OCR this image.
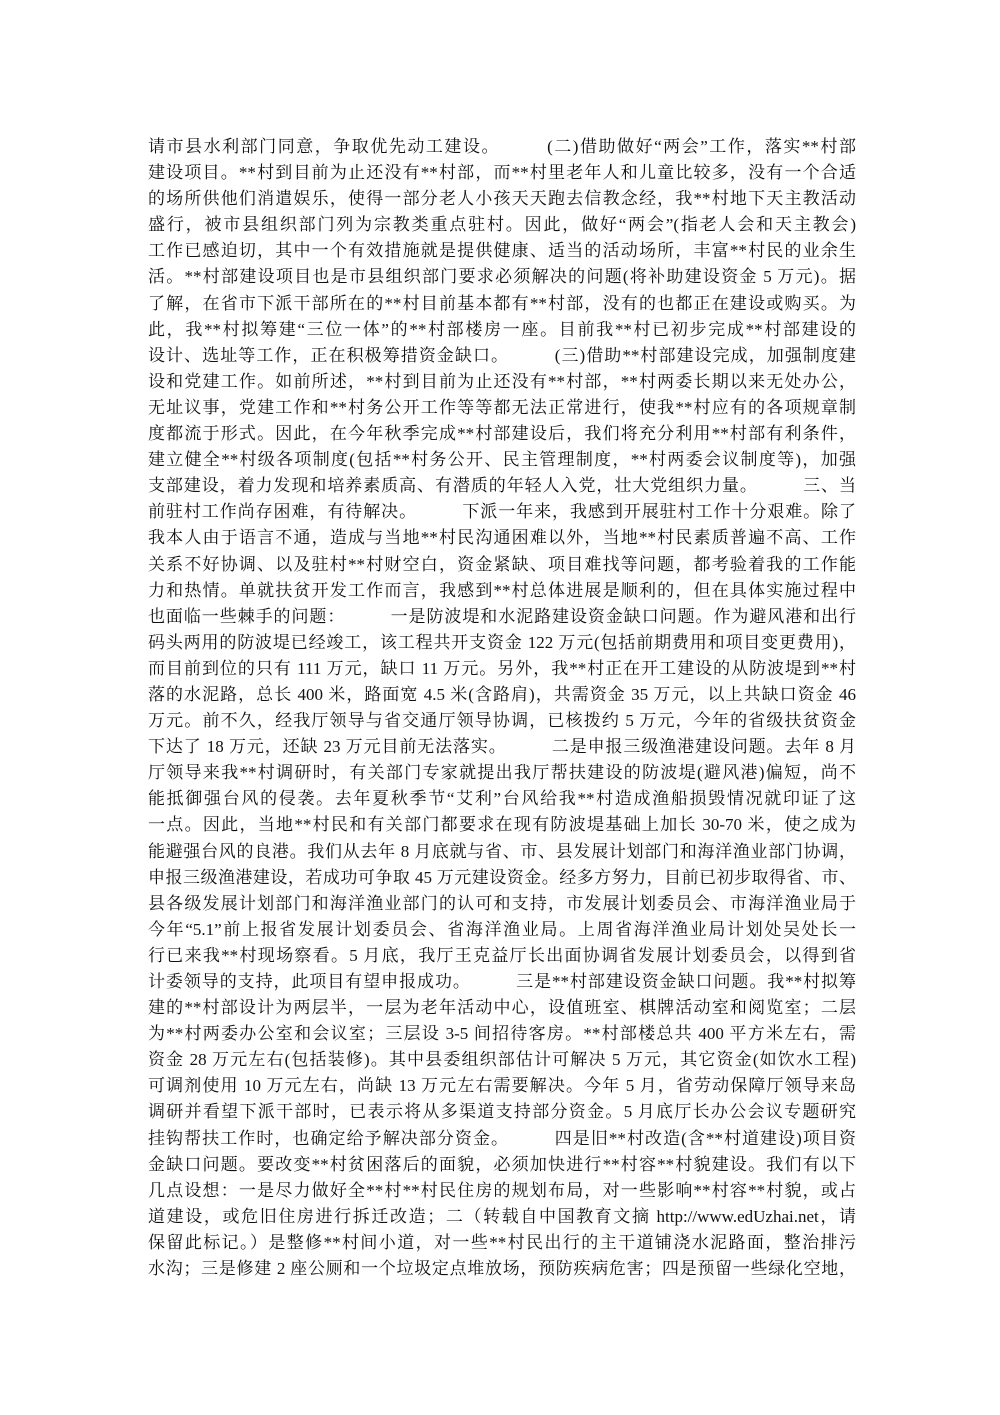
请市县水利部门同意，争取优先动工建设。　　　(二)借助做好“两会”工作，落实**村部
建设项目。**村到目前为止还没有**村部，而**村里老年人和儿童比较多，没有一个合适
的场所供他们消遣娱乐，使得一部分老人小孩天天跑去信教念经，我**村地下天主教活动
盛行，被市县组织部门列为宗教类重点驻村。因此，做好“两会”(指老人会和天主教会)
工作已感迫切，其中一个有效措施就是提供健康、适当的活动场所，丰富**村民的业余生
活。**村部建设项目也是市县组织部门要求必须解决的问题(将补助建设资金 5 万元)。据
了解，在省市下派干部所在的**村目前基本都有**村部，没有的也都正在建设或购买。为
此，我**村拟筹建“三位一体”的**村部楼房一座。目前我**村已初步完成**村部建设的
设计、选址等工作，正在积极筹措资金缺口。　　　(三)借助**村部建设完成，加强制度建
设和党建工作。如前所述，**村到目前为止还没有**村部，**村两委长期以来无处办公，
无址议事，党建工作和**村务公开工作等等都无法正常进行，使我**村应有的各项规章制
度都流于形式。因此，在今年秋季完成**村部建设后，我们将充分利用**村部有利条件，
建立健全**村级各项制度(包括**村务公开、民主管理制度，**村两委会议制度等)，加强
支部建设，着力发现和培养素质高、有潜质的年轻人入党，壮大党组织力量。　　　三、当
前驻村工作尚存困难，有待解决。　　　下派一年来，我感到开展驻村工作十分艰难。除了
我本人由于语言不通，造成与当地**村民沟通困难以外，当地**村民素质普遍不高、工作
关系不好协调、以及驻村**村财空白，资金紧缺、项目难找等问题，都考验着我的工作能
力和热情。单就扶贫开发工作而言，我感到**村总体进展是顺利的，但在具体实施过程中
也面临一些棘手的问题：　　　一是防波堤和水泥路建设资金缺口问题。作为避风港和出行
码头两用的防波堤已经竣工，该工程共开支资金 122 万元(包括前期费用和项目变更费用)，
而目前到位的只有 111 万元，缺口 11 万元。另外，我**村正在开工建设的从防波堤到**村
落的水泥路，总长 400 米，路面宽 4.5 米(含路肩)，共需资金 35 万元，以上共缺口资金 46
万元。前不久，经我厅领导与省交通厅领导协调，已核拨约 5 万元，今年的省级扶贫资金
下达了 18 万元，还缺 23 万元目前无法落实。　　　二是申报三级渔港建设问题。去年 8 月
厅领导来我**村调研时，有关部门专家就提出我厅帮扶建设的防波堤(避风港)偏短，尚不
能抵御强台风的侵袭。去年夏秋季节“艾利”台风给我**村造成渔船损毁情况就印证了这
一点。因此，当地**村民和有关部门都要求在现有防波堤基础上加长 30-70 米，使之成为
能避强台风的良港。我们从去年 8 月底就与省、市、县发展计划部门和海洋渔业部门协调，
申报三级渔港建设，若成功可争取 45 万元建设资金。经多方努力，目前已初步取得省、市、
县各级发展计划部门和海洋渔业部门的认可和支持，市发展计划委员会、市海洋渔业局于
今年“5.1”前上报省发展计划委员会、省海洋渔业局。上周省海洋渔业局计划处吴处长一
行已来我**村现场察看。5 月底，我厅王克益厅长出面协调省发展计划委员会，以得到省
计委领导的支持，此项目有望申报成功。　　　三是**村部建设资金缺口问题。我**村拟筹
建的**村部设计为两层半，一层为老年活动中心，设值班室、棋牌活动室和阅览室；二层
为**村两委办公室和会议室；三层设 3-5 间招待客房。**村部楼总共 400 平方米左右，需
资金 28 万元左右(包括装修)。其中县委组织部估计可解决 5 万元，其它资金(如饮水工程)
可调剂使用 10 万元左右，尚缺 13 万元左右需要解决。今年 5 月，省劳动保障厅领导来岛
调研并看望下派干部时，已表示将从多渠道支持部分资金。5 月底厅长办公会议专题研究
挂钩帮扶工作时，也确定给予解决部分资金。　　　四是旧**村改造(含**村道建设)项目资
金缺口问题。要改变**村贫困落后的面貌，必须加快进行**村容**村貌建设。我们有以下
几点设想：一是尽力做好全**村**村民住房的规划布局，对一些影响**村容**村貌，或占
道建设，或危旧住房进行拆迁改造；二（转载自中国教育文摘 http://www.edUzhai.net，请
保留此标记。）是整修**村间小道，对一些**村民出行的主干道铺浇水泥路面，整治排污
水沟；三是修建 2 座公厕和一个垃圾定点堆放场，预防疾病危害；四是预留一些绿化空地，
